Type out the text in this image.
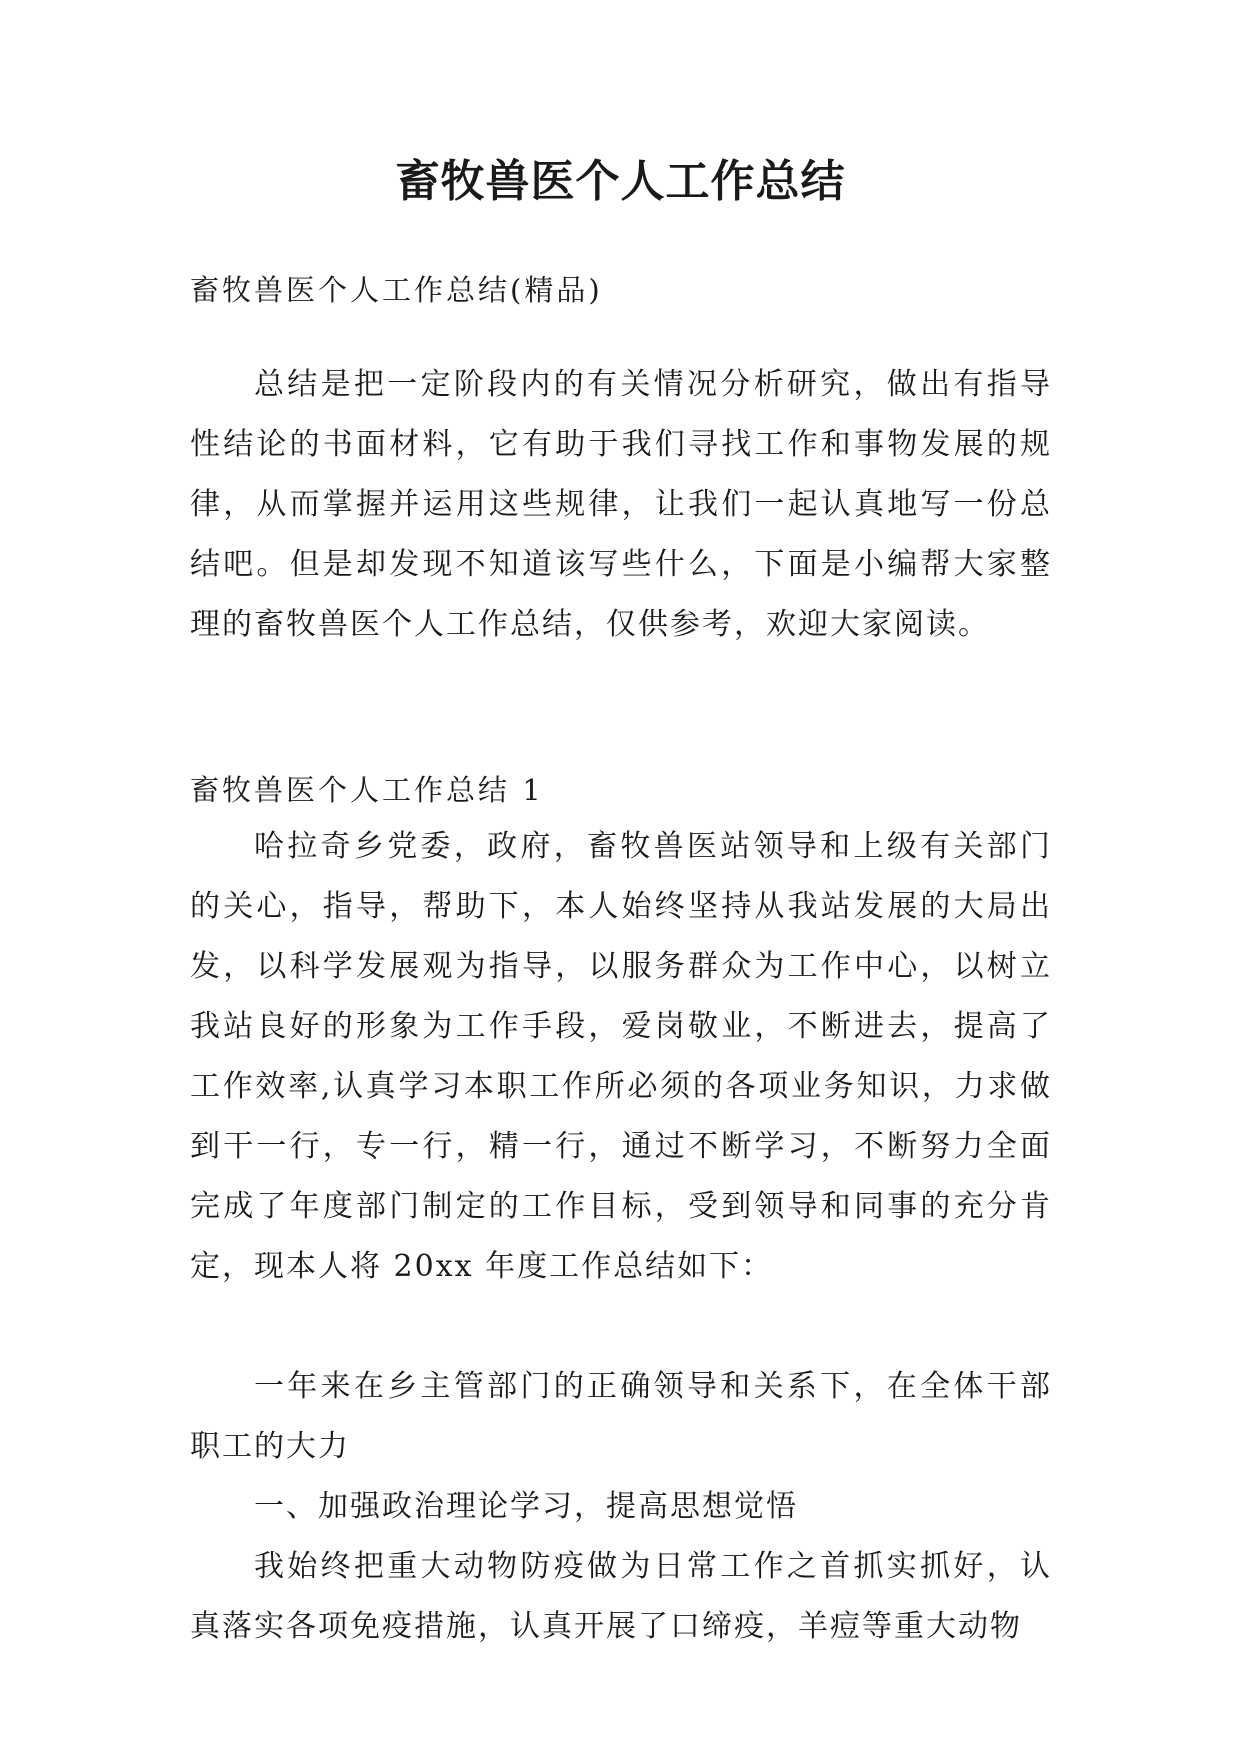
畜牧兽医个人工作总结

畜牧兽医个人工作总结(精品)

总结是把一定阶段内的有关情况分析研究，做出有指导性结论的书面材料，它有助于我们寻找工作和事物发展的规律，从而掌握并运用这些规律，让我们一起认真地写一份总结吧。但是却发现不知道该写些什么，下面是小编帮大家整理的畜牧兽医个人工作总结，仅供参考，欢迎大家阅读。

畜牧兽医个人工作总结 1

哈拉奇乡党委，政府，畜牧兽医站领导和上级有关部门的关心，指导，帮助下，本人始终坚持从我站发展的大局出发，以科学发展观为指导，以服务群众为工作中心，以树立我站良好的形象为工作手段，爱岗敬业，不断进去，提高了工作效率,认真学习本职工作所必须的各项业务知识，力求做到干一行，专一行，精一行，通过不断学习，不断努力全面完成了年度部门制定的工作目标，受到领导和同事的充分肯定，现本人将 20xx 年度工作总结如下：

一年来在乡主管部门的正确领导和关系下，在全体干部职工的大力

一、加强政治理论学习，提高思想觉悟

我始终把重大动物防疫做为日常工作之首抓实抓好，认真落实各项免疫措施，认真开展了口缔疫，羊痘等重大动物
